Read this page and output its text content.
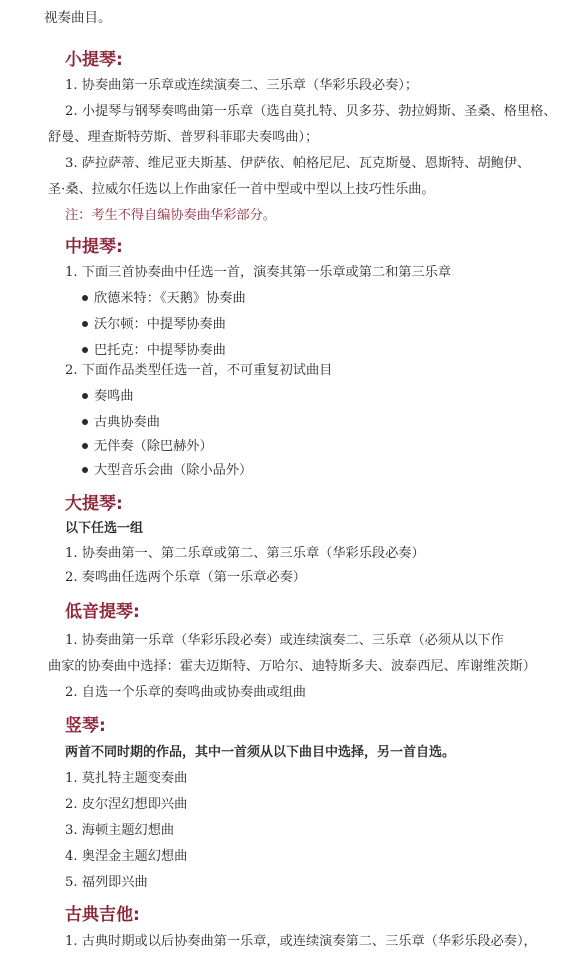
视奏曲目。
小提琴:
1. 协奏曲第一乐章或连续演奏二、三乐章（华彩乐段必奏）；
2. 小提琴与钢琴奏鸣曲第一乐章（选自莫扎特、贝多芬、勃拉姆斯、圣桑、格里格、
舒曼、理查斯特劳斯、普罗科菲耶夫奏鸣曲）；
3. 萨拉萨蒂、维尼亚夫斯基、伊萨依、帕格尼尼、瓦克斯曼、恩斯特、胡鲍伊、
圣·桑、拉威尔任选以上作曲家任一首中型或中型以上技巧性乐曲。
注：考生不得自编协奏曲华彩部分。
中提琴:
1. 下面三首协奏曲中任选一首，演奏其第一乐章或第二和第三乐章
欣德米特：《天鹅》协奏曲
沃尔顿：中提琴协奏曲
巴托克：中提琴协奏曲
2. 下面作品类型任选一首，不可重复初试曲目
奏鸣曲
古典协奏曲
无伴奏（除巴赫外）
大型音乐会曲（除小品外）
大提琴:
以下任选一组
1. 协奏曲第一、第二乐章或第二、第三乐章（华彩乐段必奏）
2. 奏鸣曲任选两个乐章（第一乐章必奏）
低音提琴:
1. 协奏曲第一乐章（华彩乐段必奏）或连续演奏二、三乐章（必须从以下作
曲家的协奏曲中选择：霍夫迈斯特、万哈尔、迪特斯多夫、波泰西尼、库谢维茨斯）
2. 自选一个乐章的奏鸣曲或协奏曲或组曲
竖琴:
两首不同时期的作品，其中一首须从以下曲目中选择，另一首自选。
1. 莫扎特主题变奏曲
2. 皮尔涅幻想即兴曲
3. 海顿主题幻想曲
4. 奥涅金主题幻想曲
5. 福列即兴曲
古典吉他:
1. 古典时期或以后协奏曲第一乐章，或连续演奏第二、三乐章（华彩乐段必奏），
